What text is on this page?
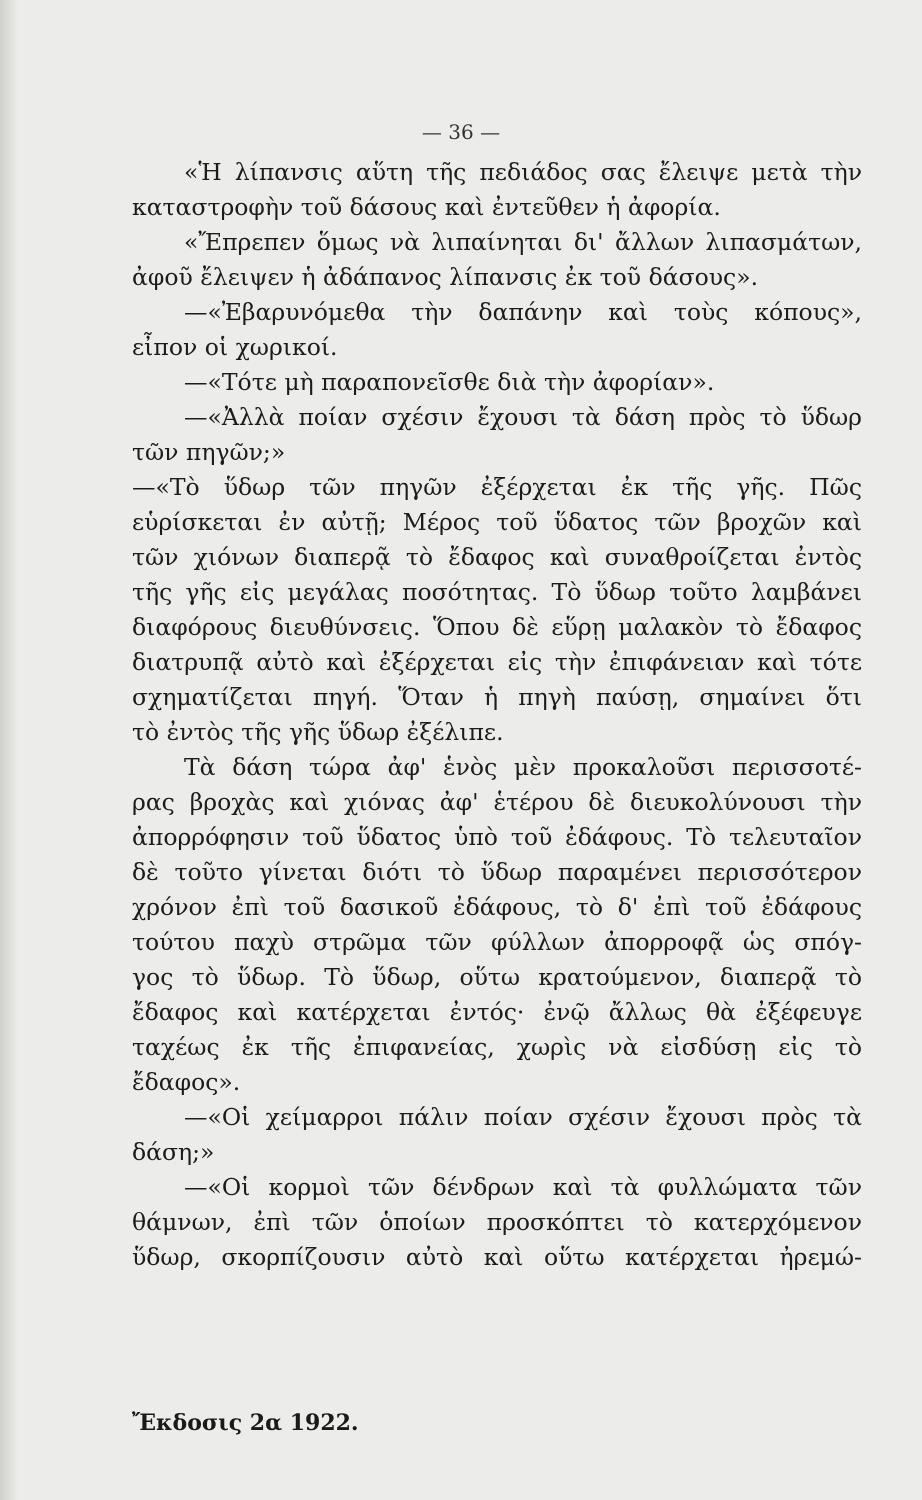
— 36 —
«Ἡ λίπανσις αὕτη τῆς πεδιάδος σας ἔλειψε μετὰ τὴν
καταστροφὴν τοῦ δάσους καὶ ἐντεῦθεν ἡ ἀφορία.
«Ἔπρεπεν ὅμως νὰ λιπαίνηται δι' ἄλλων λιπασμάτων,
ἀφοῦ ἔλειψεν ἡ ἀδάπανος λίπανσις ἐκ τοῦ δάσους».
—«Ἐβαρυνόμεθα τὴν δαπάνην καὶ τοὺς κόπους»,
εἶπον οἱ χωρικοί.
—«Τότε μὴ παραπονεῖσθε διὰ τὴν ἀφορίαν».
—«Ἀλλὰ ποίαν σχέσιν ἔχουσι τὰ δάση πρὸς τὸ ὕδωρ
τῶν πηγῶν;»
—«Τὸ ὕδωρ τῶν πηγῶν ἐξέρχεται ἐκ τῆς γῆς. Πῶς
εὑρίσκεται ἐν αὐτῇ; Μέρος τοῦ ὕδατος τῶν βροχῶν καὶ
τῶν χιόνων διαπερᾷ τὸ ἔδαφος καὶ συναθροίζεται ἐντὸς
τῆς γῆς εἰς μεγάλας ποσότητας. Τὸ ὕδωρ τοῦτο λαμβάνει
διαφόρους διευθύνσεις. Ὅπου δὲ εὕρῃ μαλακὸν τὸ ἔδαφος
διατρυπᾷ αὐτὸ καὶ ἐξέρχεται εἰς τὴν ἐπιφάνειαν καὶ τότε
σχηματίζεται πηγή. Ὅταν ἡ πηγὴ παύσῃ, σημαίνει ὅτι
τὸ ἐντὸς τῆς γῆς ὕδωρ ἐξέλιπε.
Τὰ δάση τώρα ἀφ' ἑνὸς μὲν προκαλοῦσι περισσοτέ-
ρας βροχὰς καὶ χιόνας ἀφ' ἑτέρου δὲ διευκολύνουσι τὴν
ἀπορρόφησιν τοῦ ὕδατος ὑπὸ τοῦ ἐδάφους. Τὸ τελευταῖον
δὲ τοῦτο γίνεται διότι τὸ ὕδωρ παραμένει περισσότερον
χρόνον ἐπὶ τοῦ δασικοῦ ἐδάφους, τὸ δ' ἐπὶ τοῦ ἐδάφους
τούτου παχὺ στρῶμα τῶν φύλλων ἀπορροφᾷ ὡς σπόγ-
γος τὸ ὕδωρ. Τὸ ὕδωρ, οὕτω κρατούμενον, διαπερᾷ τὸ
ἔδαφος καὶ κατέρχεται ἐντός· ἐνῷ ἄλλως θὰ ἐξέφευγε
ταχέως ἐκ τῆς ἐπιφανείας, χωρὶς νὰ εἰσδύσῃ εἰς τὸ
ἔδαφος».
—«Οἱ χείμαρροι πάλιν ποίαν σχέσιν ἔχουσι πρὸς τὰ
δάση;»
—«Οἱ κορμοὶ τῶν δένδρων καὶ τὰ φυλλώματα τῶν
θάμνων, ἐπὶ τῶν ὁποίων προσκόπτει τὸ κατερχόμενον
ὕδωρ, σκορπίζουσιν αὐτὸ καὶ οὕτω κατέρχεται ἠρεμώ-
Ἔκδοσις 2α 1922.
